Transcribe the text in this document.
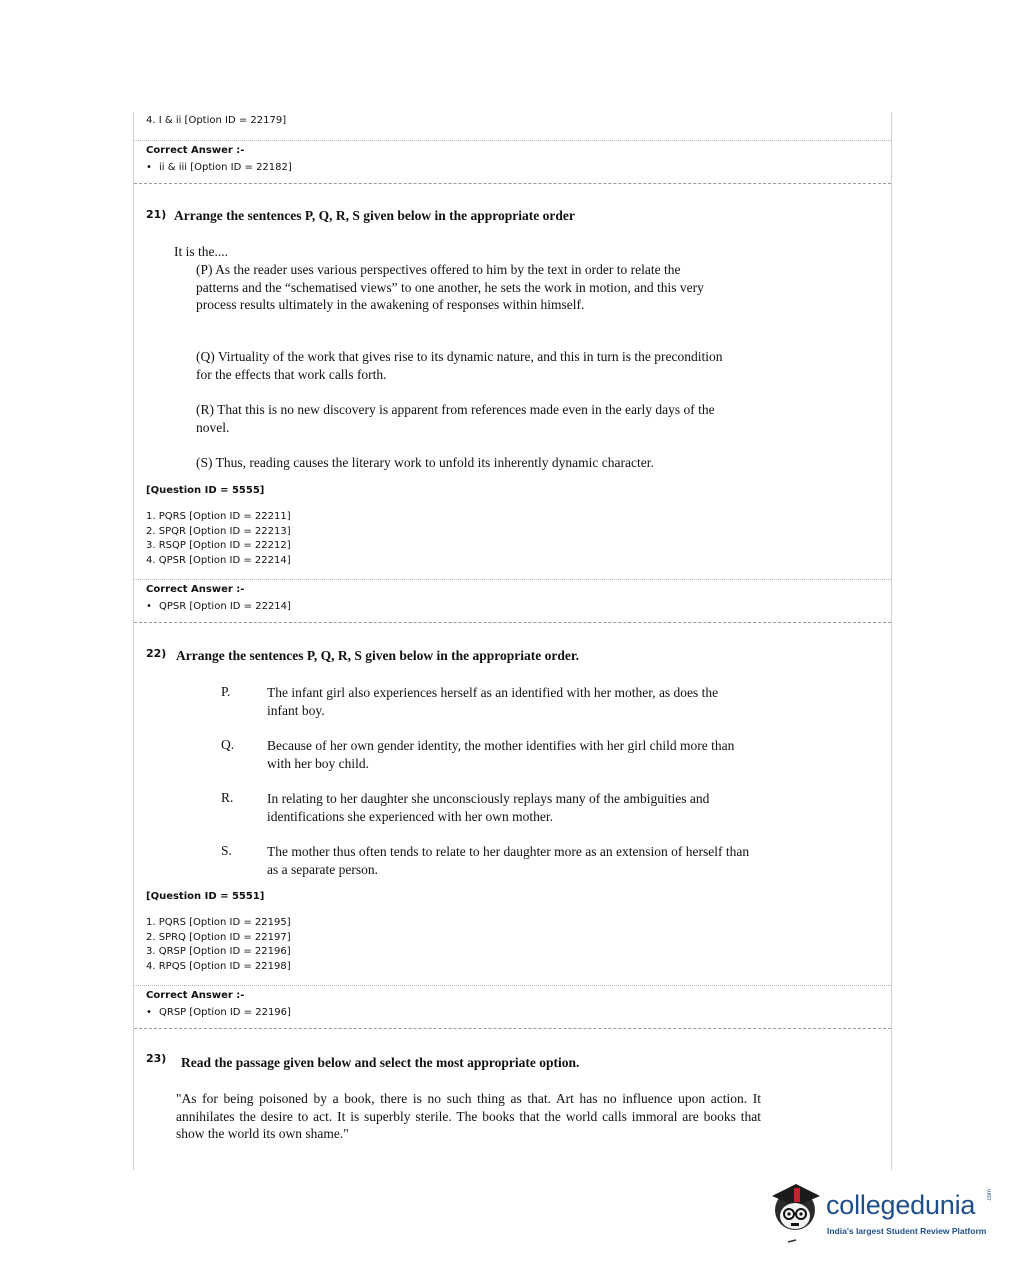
4. I & ii [Option ID = 22179]
Correct Answer :-
• ii & iii [Option ID = 22182]
21) Arrange the sentences P, Q, R, S given below in the appropriate order
It is the....
(P) As the reader uses various perspectives offered to him by the text in order to relate the patterns and the “schematised views” to one another, he sets the work in motion, and this very process results ultimately in the awakening of responses within himself.
(Q) Virtuality of the work that gives rise to its dynamic nature, and this in turn is the precondition for the effects that work calls forth.
(R) That this is no new discovery is apparent from references made even in the early days of the novel.
(S) Thus, reading causes the literary work to unfold its inherently dynamic character.
[Question ID = 5555]
1. PQRS [Option ID = 22211]
2. SPQR [Option ID = 22213]
3. RSQP [Option ID = 22212]
4. QPSR [Option ID = 22214]
Correct Answer :-
• QPSR [Option ID = 22214]
22) Arrange the sentences P, Q, R, S given below in the appropriate order.
P.	The infant girl also experiences herself as an identified with her mother, as does the infant boy.
Q. Because of her own gender identity, the mother identifies with her girl child more than with her boy child.
R. In relating to her daughter she unconsciously replays many of the ambiguities and identifications she experienced with her own mother.
S.	The mother thus often tends to relate to her daughter more as an extension of herself than as a separate person.
[Question ID = 5551]
1. PQRS [Option ID = 22195]
2. SPRQ [Option ID = 22197]
3. QRSP [Option ID = 22196]
4. RPQS [Option ID = 22198]
Correct Answer :-
• QRSP [Option ID = 22196]
23) Read the passage given below and select the most appropriate option.
"As for being poisoned by a book, there is no such thing as that. Art has no influence upon action. It annihilates the desire to act. It is superbly sterile. The books that the world calls immoral are books that show the world its own shame."
collegedunia .com
India's largest Student Review Platform
